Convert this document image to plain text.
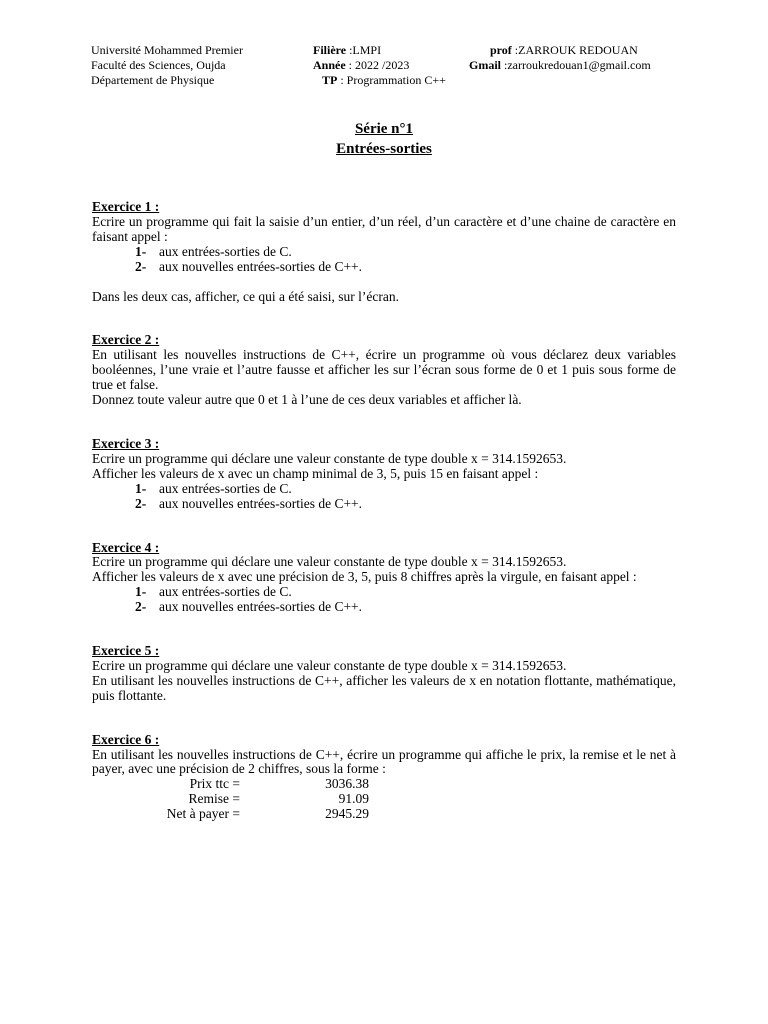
Université Mohammed Premier
Faculté des Sciences, Oujda
Département de Physique
Filière :LMPI
Année : 2022 /2023
TP : Programmation C++
prof :ZARROUK REDOUAN
Gmail :zarroukredouan1@gmail.com
Série n°1
Entrées-sorties
Exercice 1 :
Ecrire un programme qui fait la saisie d’un entier, d’un réel, d’un caractère et d’une chaine de caractère en faisant appel :
1- aux entrées-sorties de C.
2- aux nouvelles entrées-sorties de C++.
Dans les deux cas, afficher, ce qui a été saisi, sur l’écran.
Exercice 2 :
En utilisant les nouvelles instructions de C++, écrire un programme où vous déclarez deux variables booléennes, l’une vraie et l’autre fausse et afficher les sur l’écran sous forme de 0 et 1 puis sous forme de true et false.
Donnez toute valeur autre que 0 et 1 à l’une de ces deux variables et afficher là.
Exercice 3 :
Ecrire un programme qui déclare une valeur constante de type double x = 314.1592653.
Afficher les valeurs de x avec un champ minimal de 3, 5, puis 15 en faisant appel :
1- aux entrées-sorties de C.
2- aux nouvelles entrées-sorties de C++.
Exercice 4 :
Ecrire un programme qui déclare une valeur constante de type double x = 314.1592653.
Afficher les valeurs de x avec une précision de 3, 5, puis 8 chiffres après la virgule, en faisant appel :
1- aux entrées-sorties de C.
2- aux nouvelles entrées-sorties de C++.
Exercice 5 :
Ecrire un programme qui déclare une valeur constante de type double x = 314.1592653.
En utilisant les nouvelles instructions de C++, afficher les valeurs de x en notation flottante, mathématique, puis flottante.
Exercice 6 :
En utilisant les nouvelles instructions de C++, écrire un programme qui affiche le prix, la remise et le net à payer, avec une précision de 2 chiffres, sous la forme :
Prix ttc =	3036.38
Remise =	91.09
Net à payer =	2945.29
